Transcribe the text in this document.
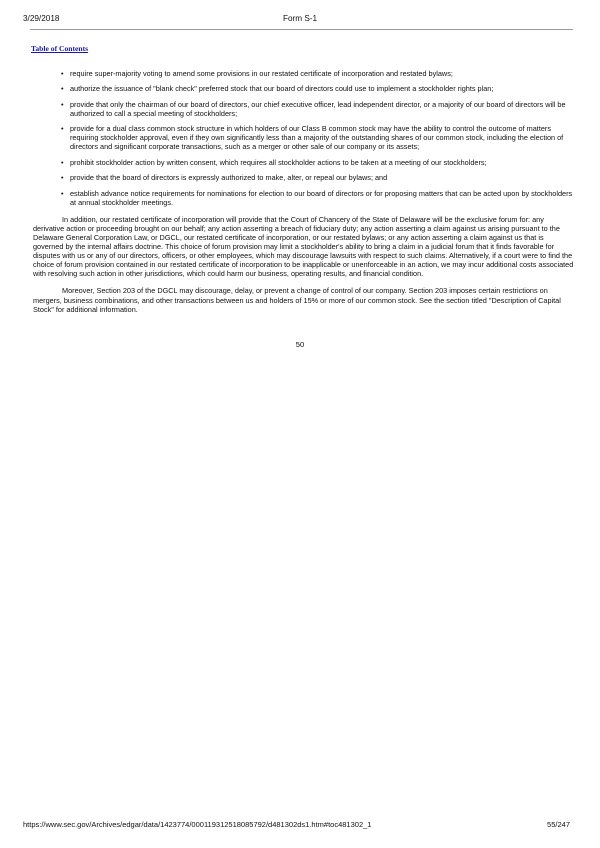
3/29/2018	Form S-1
Table of Contents
• require super-majority voting to amend some provisions in our restated certificate of incorporation and restated bylaws;
• authorize the issuance of "blank check" preferred stock that our board of directors could use to implement a stockholder rights plan;
• provide that only the chairman of our board of directors, our chief executive officer, lead independent director, or a majority of our board of directors will be authorized to call a special meeting of stockholders;
• provide for a dual class common stock structure in which holders of our Class B common stock may have the ability to control the outcome of matters requiring stockholder approval, even if they own significantly less than a majority of the outstanding shares of our common stock, including the election of directors and significant corporate transactions, such as a merger or other sale of our company or its assets;
• prohibit stockholder action by written consent, which requires all stockholder actions to be taken at a meeting of our stockholders;
• provide that the board of directors is expressly authorized to make, alter, or repeal our bylaws; and
• establish advance notice requirements for nominations for election to our board of directors or for proposing matters that can be acted upon by stockholders at annual stockholder meetings.

In addition, our restated certificate of incorporation will provide that the Court of Chancery of the State of Delaware will be the exclusive forum for: any derivative action or proceeding brought on our behalf; any action asserting a breach of fiduciary duty; any action asserting a claim against us arising pursuant to the Delaware General Corporation Law, or DGCL, our restated certificate of incorporation, or our restated bylaws; or any action asserting a claim against us that is governed by the internal affairs doctrine. This choice of forum provision may limit a stockholder's ability to bring a claim in a judicial forum that it finds favorable for disputes with us or any of our directors, officers, or other employees, which may discourage lawsuits with respect to such claims. Alternatively, if a court were to find the choice of forum provision contained in our restated certificate of incorporation to be inapplicable or unenforceable in an action, we may incur additional costs associated with resolving such action in other jurisdictions, which could harm our business, operating results, and financial condition.

Moreover, Section 203 of the DGCL may discourage, delay, or prevent a change of control of our company. Section 203 imposes certain restrictions on mergers, business combinations, and other transactions between us and holders of 15% or more of our common stock. See the section titled "Description of Capital Stock" for additional information.

50
https://www.sec.gov/Archives/edgar/data/1423774/000119312518085792/d481302ds1.htm#toc481302_1	55/247
